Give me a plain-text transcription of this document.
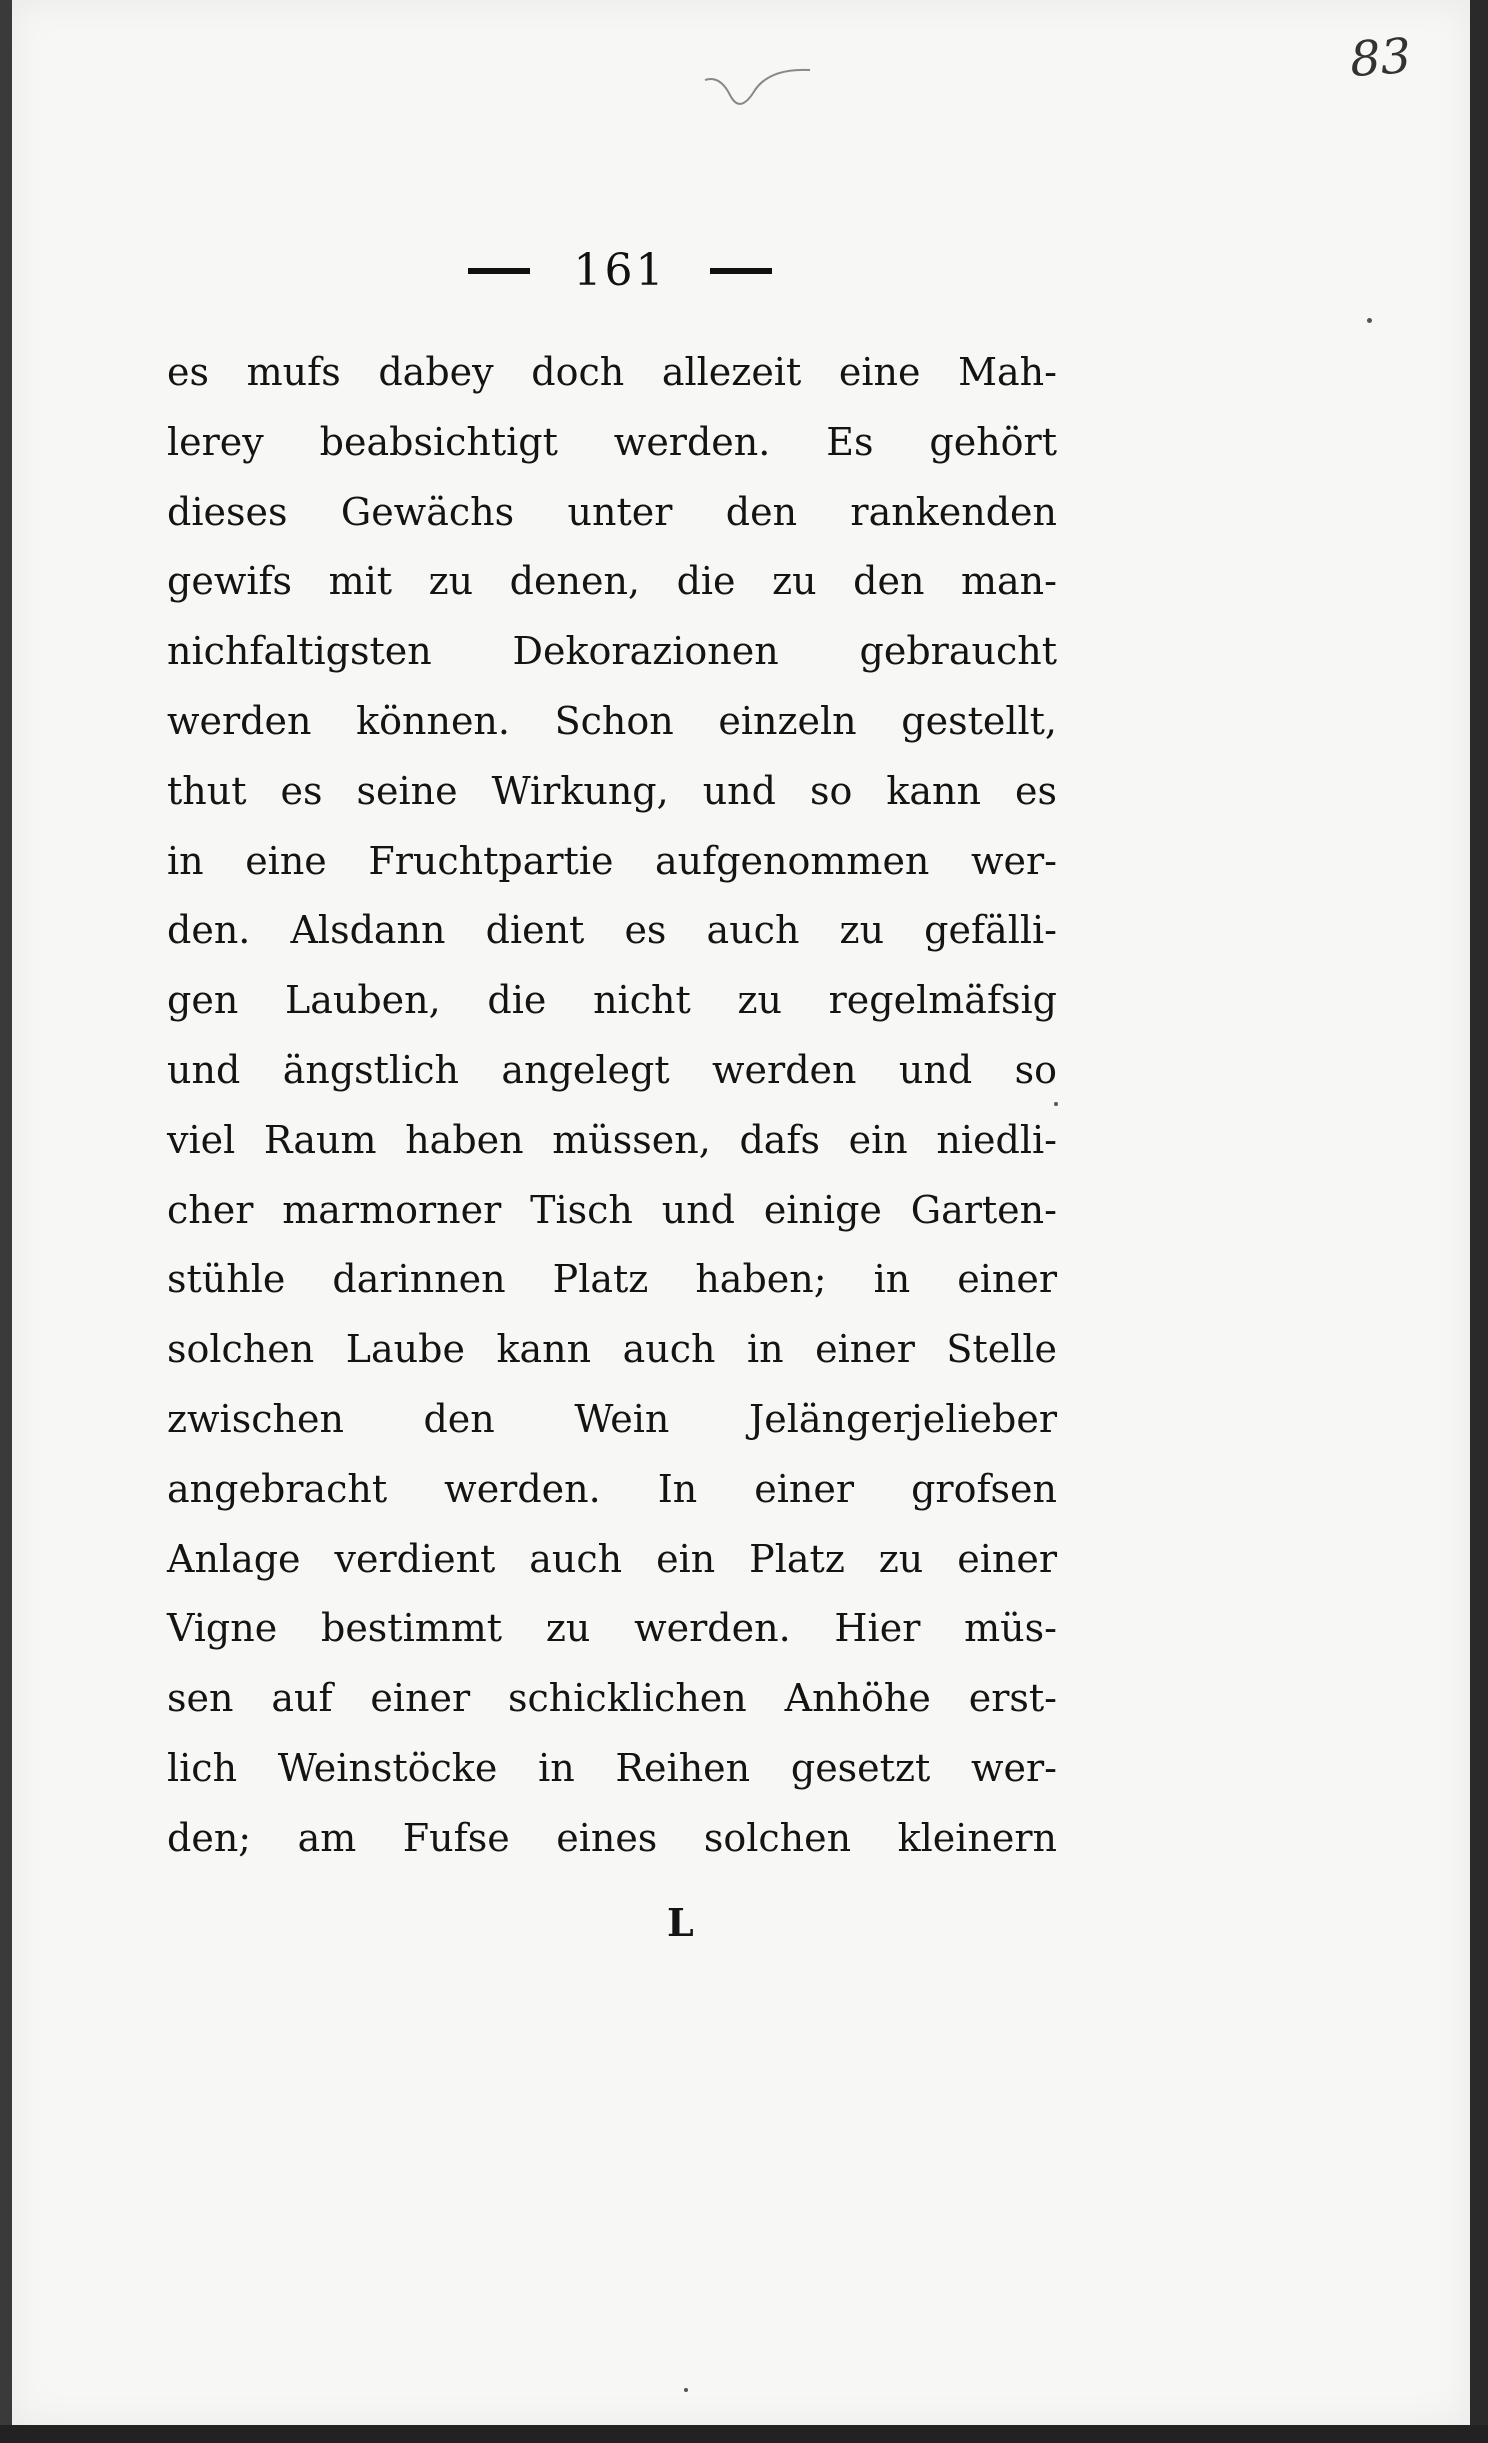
83
161
es mufs dabey doch allezeit eine Mah-
lerey beabsichtigt werden. Es gehört
dieses Gewächs unter den rankenden
gewifs mit zu denen, die zu den man-
nichfaltigsten Dekorazionen gebraucht
werden können. Schon einzeln gestellt,
thut es seine Wirkung, und so kann es
in eine Fruchtpartie aufgenommen wer-
den. Alsdann dient es auch zu gefälli-
gen Lauben, die nicht zu regelmäfsig
und ängstlich angelegt werden und so
viel Raum haben müssen, dafs ein niedli-
cher marmorner Tisch und einige Garten-
stühle darinnen Platz haben; in einer
solchen Laube kann auch in einer Stelle
zwischen den Wein Jelängerjelieber
angebracht werden. In einer grofsen
Anlage verdient auch ein Platz zu einer
Vigne bestimmt zu werden. Hier müs-
sen auf einer schicklichen Anhöhe erst-
lich Weinstöcke in Reihen gesetzt wer-
den; am Fufse eines solchen kleinern
L
